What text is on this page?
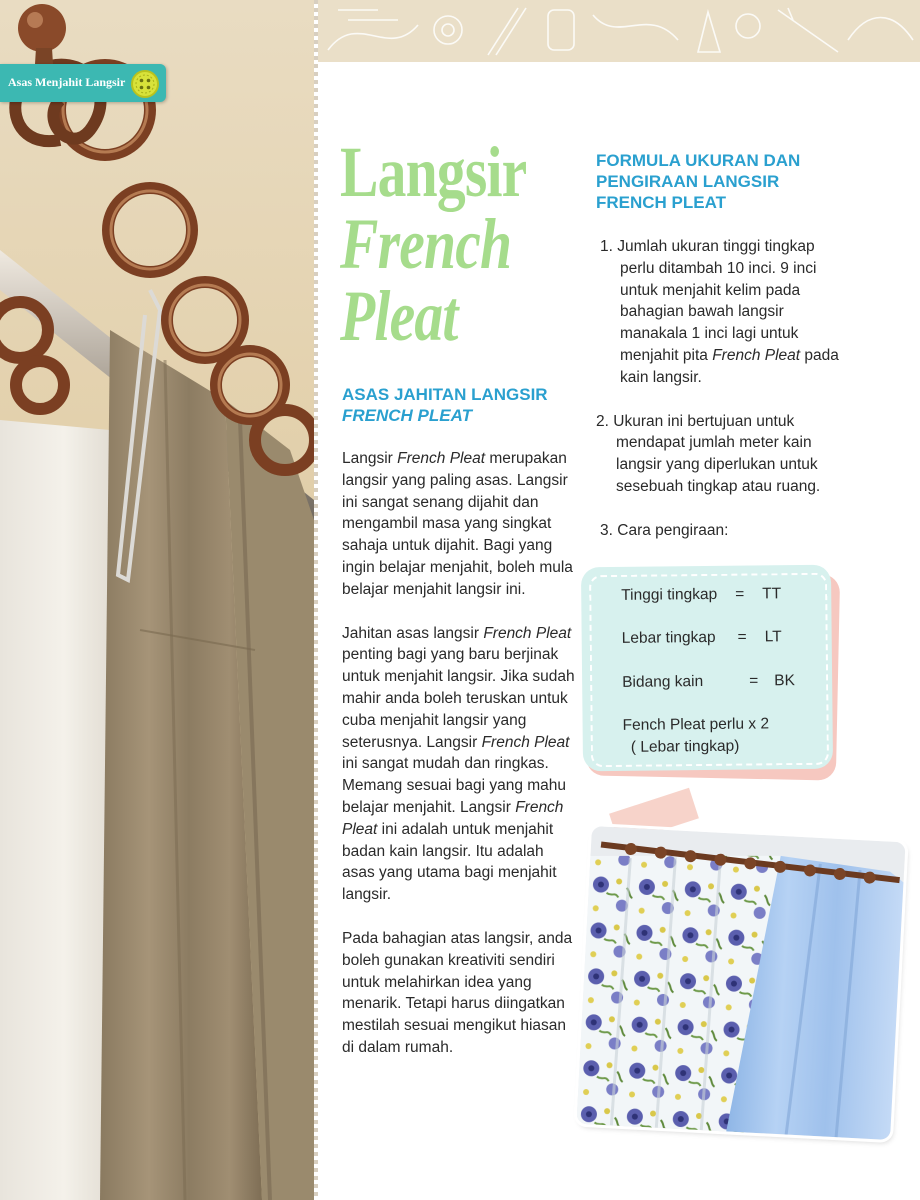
Asas Menjahit Langsir
Langsir
French
Pleat
ASAS JAHITAN LANGSIR
FRENCH PLEAT

Langsir French Pleat merupakan langsir yang paling asas. Langsir ini sangat senang dijahit dan mengambil masa yang singkat sahaja untuk dijahit. Bagi yang ingin belajar menjahit, boleh mula belajar menjahit langsir ini.

Jahitan asas langsir French Pleat penting bagi yang baru berjinak untuk menjahit langsir. Jika sudah mahir anda boleh teruskan untuk cuba menjahit langsir yang seterusnya. Langsir French Pleat ini sangat mudah dan ringkas. Memang sesuai bagi yang mahu belajar menjahit. Langsir French Pleat ini adalah untuk menjahit badan kain langsir. Itu adalah asas yang utama bagi menjahit langsir.

Pada bahagian atas langsir, anda boleh gunakan kreativiti sendiri untuk melahirkan idea yang menarik. Tetapi harus diingatkan mestilah sesuai mengikut hiasan di dalam rumah.

FORMULA UKURAN DAN PENGIRAAN LANGSIR FRENCH PLEAT
1. Jumlah ukuran tinggi tingkap perlu ditambah 10 inci. 9 inci untuk menjahit kelim pada bahagian bawah langsir manakala 1 inci lagi untuk menjahit pita French Pleat pada kain langsir.
2. Ukuran ini bertujuan untuk mendapat jumlah meter kain langsir yang diperlukan untuk sesebuah tingkap atau ruang.
3. Cara pengiraan:
Tinggi tingkap = TT
Lebar tingkap = LT
Bidang kain	= BK
Fench Pleat perlu x 2
( Lebar tingkap)
